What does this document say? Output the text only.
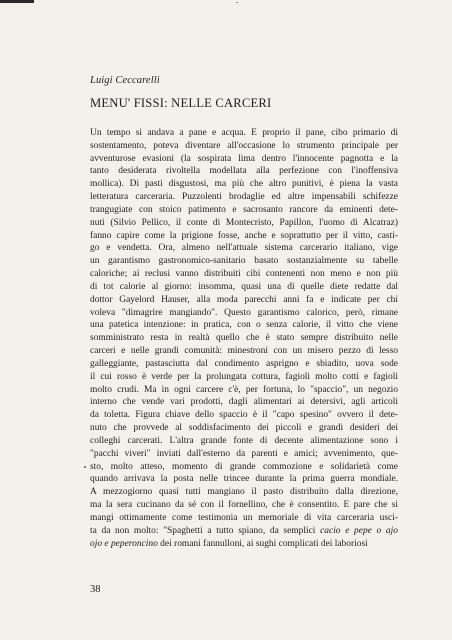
Luigi Ceccarelli
MENU' FISSI: NELLE CARCERI
Un tempo si andava a pane e acqua. E proprio il pane, cibo primario di
sostentamento, poteva diventare all'occasione lo strumento principale per
avventurose evasioni (la sospirata lima dentro l'innocente pagnotta e la
tanto desiderata rivoltella modellata alla perfezione con l'inoffensiva
mollica). Di pasti disgustosi, ma più che altro punitivi, è piena la vasta
letteratura carceraria. Puzzolenti brodaglie ed altre impensabili schifezze
trangugiate con stoico patimento e sacrosanto rancore da eminenti dete-
nuti (Silvio Pellico, il conte di Montecristo, Papillon, l'uomo di Alcatraz)
fanno capire come la prigione fosse, anche e soprattutto per il vitto, casti-
go e vendetta. Ora, almeno nell'attuale sistema carcerario italiano, vige
un garantismo gastronomico-sanitario basato sostanzialmente su tabelle
caloriche; ai reclusi vanno distribuiti cibi contenenti non meno e non più
di tot calorie al giorno: insomma, quasi una di quelle diete redatte dal
dottor Gayelord Hauser, alla moda parecchi anni fa e indicate per chi
voleva "dimagrire mangiando". Questo garantismo calorico, però, rimane
una patetica intenzione: in pratica, con o senza calorie, il vitto che viene
somministrato resta in realtà quello che è stato sempre distribuito nelle
carceri e nelle grandi comunità: minestroni con un misero pezzo di lesso
galleggiante, pastasciutta dal condimento asprigno e sbiadito, uova sode
il cui rosso è verde per la prolungata cottura, fagioli molto cotti e fagioli
molto crudi. Ma in ogni carcere c'è, per fortuna, lo "spaccio", un negozio
interno che vende vari prodotti, dagli alimentari ai detersivi, agli articoli
da toletta. Figura chiave dello spaccio è il "capo spesino" ovvero il dete-
nuto che provvede al soddisfacimento dei piccoli e grandi desideri dei
colleghi carcerati. L'altra grande fonte di decente alimentazione sono i
"pacchi viveri" inviati dall'esterno da parenti e amici; avvenimento, que-
sto, molto atteso, momento di grande commozione e solidarietà come
quando arrivava la posta nelle trincee durante la prima guerra mondiale.
A mezzogiorno quasi tutti mangiano il pasto distribuito dalla direzione,
ma la sera cucinano da sé con il fornellino, che è consentito. E pare che si
mangi ottimamente come testimonia un memoriale di vita carceraria usci-
ta da non molto: "Spaghetti a tutto spiano, da semplici cacio e pepe o ajo
ojo e peperoncino dei romani fannulloni, ai sughi complicati dei laboriosi
38
